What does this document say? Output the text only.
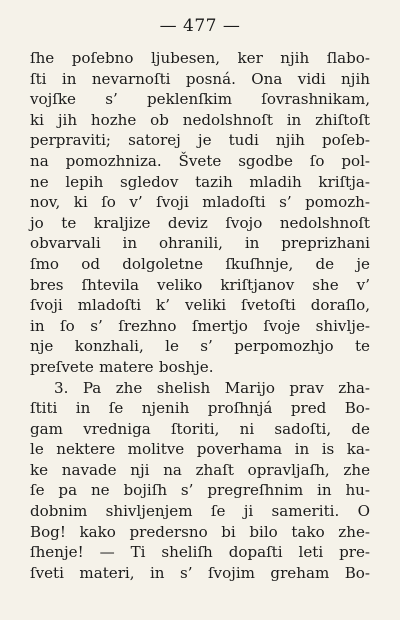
— 477 —
ſhe poſebno ljubesen, ker njih ſlabo-
ſti in nevarnoſti posná. Ona vidi njih
vojſke s’ peklenſkim ſovrashnikam,
ki jih hozhe ob nedolshnoſt in zhiſtoſt
perpraviti; satorej je tudi njih poſeb-
na pomozhniza. Švete sgodbe ſo pol-
ne lepih sgledov tazih mladih kriſtja-
nov, ki ſo v’ ſvoji mladoſti s’ pomozh-
jo te kraljize deviz ſvojo nedolshnoſt
obvarvali in ohranili, in preprizhani
ſmo od dolgoletne ſkuſhnje, de je
bres ſhtevila veliko kriſtjanov she v’
ſvoji mladoſti k’ veliki ſvetoſti doraſlo,
in ſo s’ ſrezhno ſmertjo ſvoje shivlje-
nje konzhali, le s’ perpomozhjo te
preſvete matere boshje.
3. Pa zhe shelish Marijo prav zha-
ſtiti in ſe njenih proſhnjá pred Bo-
gam vredniga ſtoriti, ni sadoſti, de
le nektere molitve poverhama in is ka-
ke navade nji na zhaſt opravljaſh, zhe
ſe pa ne bojiſh s’ pregreſhnim in hu-
dobnim shivljenjem ſe ji sameriti. O
Bog! kako predersno bi bilo tako zhe-
ſhenje! — Ti sheliſh dopaſti leti pre-
ſveti materi, in s’ ſvojim greham Bo-
